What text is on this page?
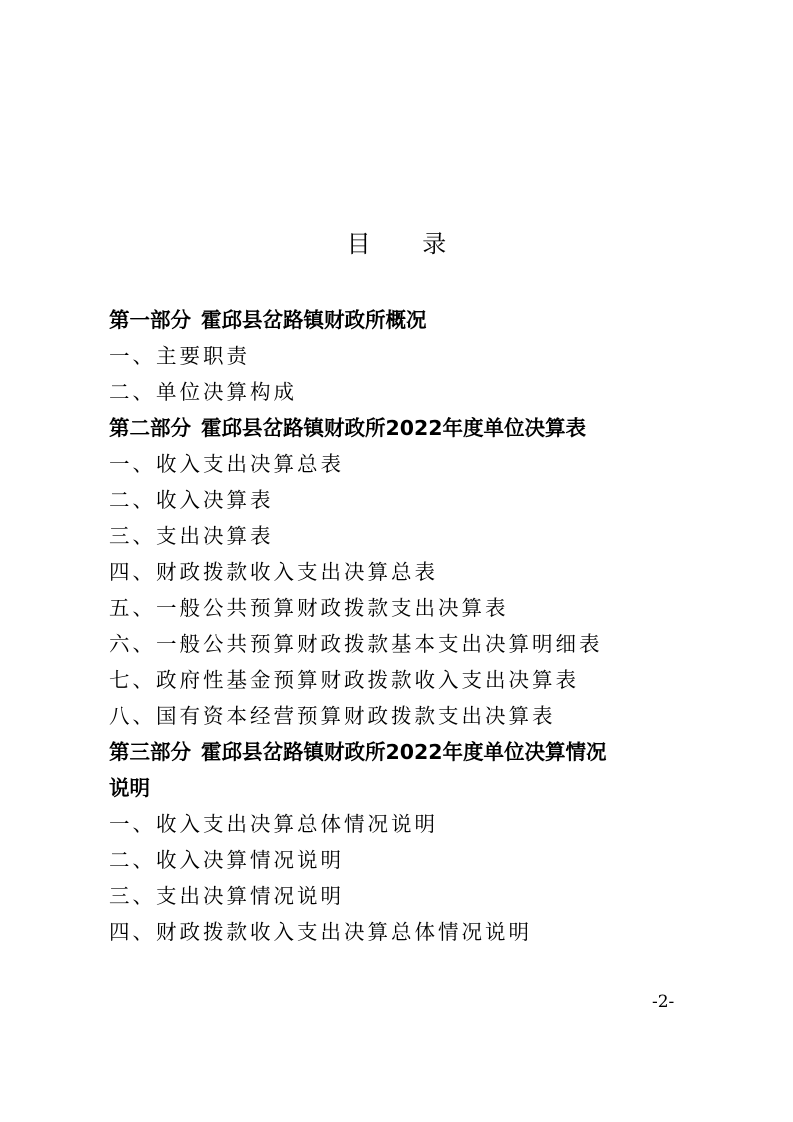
目 录
第一部分 霍邱县岔路镇财政所概况
一、主要职责
二、单位决算构成
第二部分 霍邱县岔路镇财政所2022年度单位决算表
一、收入支出决算总表
二、收入决算表
三、支出决算表
四、财政拨款收入支出决算总表
五、一般公共预算财政拨款支出决算表
六、一般公共预算财政拨款基本支出决算明细表
七、政府性基金预算财政拨款收入支出决算表
八、国有资本经营预算财政拨款支出决算表
第三部分 霍邱县岔路镇财政所2022年度单位决算情况
说明
一、收入支出决算总体情况说明
二、收入决算情况说明
三、支出决算情况说明
四、财政拨款收入支出决算总体情况说明
-2-
